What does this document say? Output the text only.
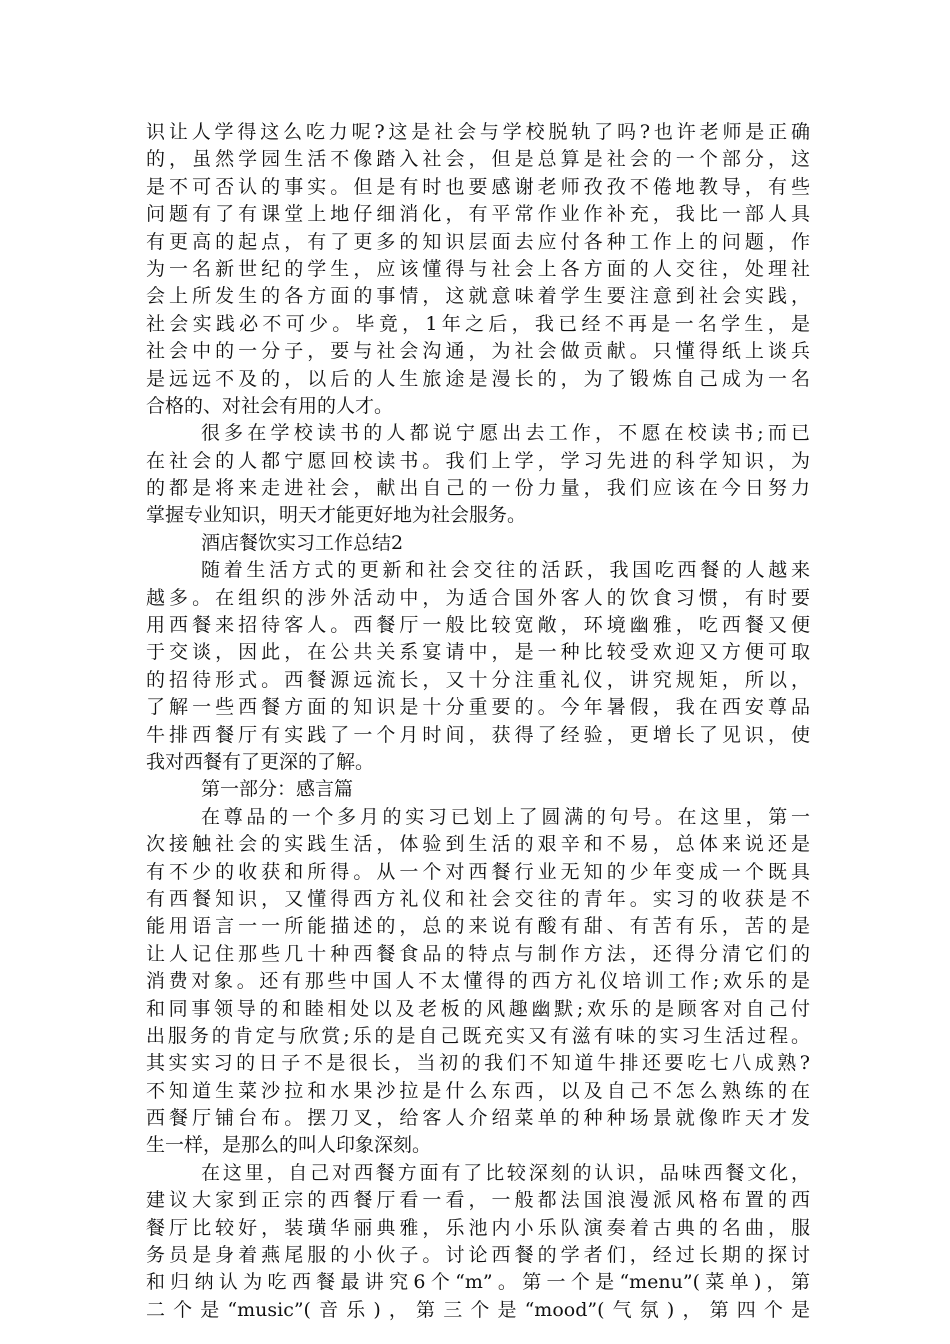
识让人学得这么吃力呢?这是社会与学校脱轨了吗?也许老师是正确
的，虽然学园生活不像踏入社会，但是总算是社会的一个部分，这
是不可否认的事实。但是有时也要感谢老师孜孜不倦地教导，有些
问题有了有课堂上地仔细消化，有平常作业作补充，我比一部人具
有更高的起点，有了更多的知识层面去应付各种工作上的问题，作
为一名新世纪的学生，应该懂得与社会上各方面的人交往，处理社
会上所发生的各方面的事情，这就意味着学生要注意到社会实践，
社会实践必不可少。毕竟，1年之后，我已经不再是一名学生，是
社会中的一分子，要与社会沟通，为社会做贡献。只懂得纸上谈兵
是远远不及的，以后的人生旅途是漫长的，为了锻炼自己成为一名
合格的、对社会有用的人才。
很多在学校读书的人都说宁愿出去工作，不愿在校读书;而已
在社会的人都宁愿回校读书。我们上学，学习先进的科学知识，为
的都是将来走进社会，献出自己的一份力量，我们应该在今日努力
掌握专业知识，明天才能更好地为社会服务。
酒店餐饮实习工作总结2
随着生活方式的更新和社会交往的活跃，我国吃西餐的人越来
越多。在组织的涉外活动中，为适合国外客人的饮食习惯，有时要
用西餐来招待客人。西餐厅一般比较宽敞，环境幽雅，吃西餐又便
于交谈，因此，在公共关系宴请中，是一种比较受欢迎又方便可取
的招待形式。西餐源远流长，又十分注重礼仪，讲究规矩，所以，
了解一些西餐方面的知识是十分重要的。今年暑假，我在西安尊品
牛排西餐厅有实践了一个月时间，获得了经验，更增长了见识，使
我对西餐有了更深的了解。
第一部分：感言篇
在尊品的一个多月的实习已划上了圆满的句号。在这里，第一
次接触社会的实践生活，体验到生活的艰辛和不易，总体来说还是
有不少的收获和所得。从一个对西餐行业无知的少年变成一个既具
有西餐知识，又懂得西方礼仪和社会交往的青年。实习的收获是不
能用语言一一所能描述的，总的来说有酸有甜、有苦有乐，苦的是
让人记住那些几十种西餐食品的特点与制作方法，还得分清它们的
消费对象。还有那些中国人不太懂得的西方礼仪培训工作;欢乐的是
和同事领导的和睦相处以及老板的风趣幽默;欢乐的是顾客对自己付
出服务的肯定与欣赏;乐的是自己既充实又有滋有味的实习生活过程。
其实实习的日子不是很长，当初的我们不知道牛排还要吃七八成熟?
不知道生菜沙拉和水果沙拉是什么东西，以及自己不怎么熟练的在
西餐厅铺台布。摆刀叉，给客人介绍菜单的种种场景就像昨天才发
生一样，是那么的叫人印象深刻。
在这里，自己对西餐方面有了比较深刻的认识，品味西餐文化，
建议大家到正宗的西餐厅看一看，一般都法国浪漫派风格布置的西
餐厅比较好，装璜华丽典雅，乐池内小乐队演奏着古典的名曲，服
务员是身着燕尾服的小伙子。讨论西餐的学者们，经过长期的探讨
和归纳认为吃西餐最讲究6个“m”。第一个是“menu”(菜单)，第
二个是“music”(音乐)，第三个是“mood”(气氛)，第四个是
